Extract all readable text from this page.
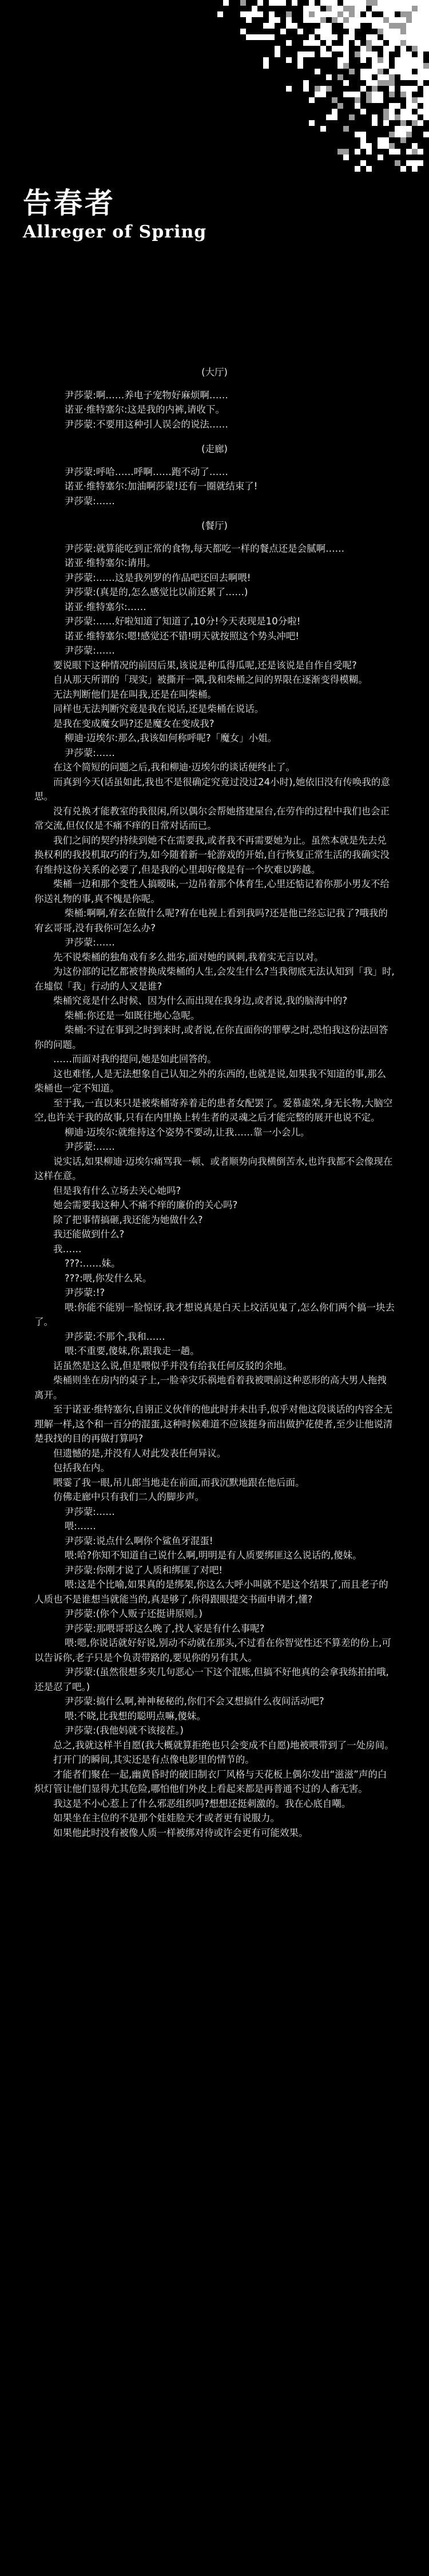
告春者
Allreger of Spring
(大厅)

尹莎蒙:啊……养电子宠物好麻烦啊……

诺亚·维特塞尔:这是我的内裤,请收下。

尹莎蒙:不要用这种引人误会的说法……

(走廊)

尹莎蒙:呼哈……呼啊……跑不动了……

诺亚·维特塞尔:加油啊莎蒙!还有一圈就结束了!

尹莎蒙:……

(餐厅)

尹莎蒙:就算能吃到正常的食物,每天都吃一样的餐点还是会腻啊……

诺亚·维特塞尔:请用。

尹莎蒙:……这是我列罗的作品吧还回去啊喂!

尹莎蒙:(真是的,怎么感觉比以前还累了……)

诺亚·维特塞尔:……

尹莎蒙:……好啦知道了知道了,10分!今天表现是10分啦!

诺亚·维特塞尔:嗯!感觉还不错!明天就按照这个势头冲吧!

尹莎蒙:……

要说眼下这种情况的前因后果,该说是种瓜得瓜呢,还是该说是自作自受呢?

自从那天所谓的「现实」被撕开一隅,我和柴桶之间的界限在逐渐变得模糊。

无法判断他们是在叫我,还是在叫柴桶。

同样也无法判断究竟是我在说话,还是柴桶在说话。

是我在变成魔女吗?还是魔女在变成我?

柳迪·迈埃尔:那么,我该如何称呼呢?「魔女」小姐。

尹莎蒙:……

在这个简短的问题之后,我和柳迪·迈埃尔的谈话便终止了。

而真到今天(话虽如此,我也不是很确定究竟过没过24小时),她依旧没有传唤我的意思。

没有兑换才能教室的我很闲,所以偶尔会帮她搭建屋台,在劳作的过程中我们也会正常交流,但仅仅是不痛不痒的日常对话而已。

我们之间的契约持续到她不在需要我,或者我不再需要她为止。虽然本就是先去兑换权利的我投机取巧的行为,如今随着新一轮游戏的开始,自行恢复正常生活的我确实没有维持这份关系的必要了,但是我的心里却好像是有一个坎难以跨越。

柴桶一边和那个变性人搞暧昧,一边吊着那个体育生,心里还惦记着你那小男友不给你送礼物的事,真不愧是你呢。

柴桶:啊啊,宥玄在做什么呢?宥在电视上看到我吗?还是他已经忘记我了?哦我的宥玄哥哥,没有我你可怎么办?

尹莎蒙:……

先不说柴桶的独角戏有多么拙劣,面对她的讽刺,我着实无言以对。

为这份部的记忆都被替换成柴桶的人生,会发生什么?当我彻底无法认知到「我」时,在墟似「我」行动的人又是谁?

柴桶究竟是什么时候、因为什么而出现在我身边,或者说,我的脑海中的?

柴桶:你还是一如既往地心急呢。

柴桶:不过在事到之时到来时,或者说,在你直面你的罪孽之时,恐怕我这份法回答你的问题。

……而面对我的提问,她是如此回答的。

这也难怪,人是无法想象自己认知之外的东西的,也就是说,如果我不知道的事,那么柴桶也一定不知道。

至于我,一直以来只是被柴桶寄养着走的患者女配罢了。爱慕虚荣,身无长物,大脑空空,也许关于我的故事,只有在内里换上转生者的灵魂之后才能完整的展开也说不定。

柳迪·迈埃尔:就维持这个姿势不要动,让我……靠一小会儿。

尹莎蒙:……

说实话,如果柳迪·迈埃尔痛骂我一顿、或者顺势向我横倒苦水,也许我都不会像现在这样在意。

但是我有什么立场去关心她吗?

她会需要我这种人不痛不痒的廉价的关心吗?

除了把事情搞砸,我还能为她做什么?

我还能做到什么?

我……

???:……妹。

???:喂,你发什么呆。

尹莎蒙:!?

喂:你能不能别一脸惊讶,我才想说真是白天上坟活见鬼了,怎么你们两个搞一块去了。

尹莎蒙:不那个,我和……

喂:不重要,傻妹,你,跟我走一趟。

话虽然是这么说,但是喂似乎并没有给我任何反驳的余地。

柴桶则坐在房内的桌子上,一脸幸灾乐祸地看着我被喂前这种恶形的高大男人拖拽离开。

至于诺亚·维特塞尔,自诩正义伙伴的他此时并未出手,似乎对他这段谈话的内容全无理解一样,这个和一百分的混蛋,这种时候难道不应该挺身而出做护花使者,至少让他说清楚我找的目的再做打算吗?

但遗憾的是,并没有人对此发表任何异议。

包括我在内。

喂霎了我一眼,吊儿郎当地走在前面,而我沉默地跟在他后面。

仿佛走廊中只有我们二人的脚步声。

尹莎蒙:……

喂:……

尹莎蒙:说点什么啊你个鲨鱼牙混蛋!

喂:哈?你知不知道自己说什么啊,明明是有人质要绑匪这么说话的,傻妹。

尹莎蒙:你刚才说了人质和绑匪了对吧!

喂:这是个比喻,如果真的是绑架,你这么大呼小叫就不是这个结果了,而且老子的人质也不是谁想当就能当的,真是够了,你得跟眼提交书面申请才,懂?

尹莎蒙:(你个人贩子还挺讲原则。)

尹莎蒙:那喂哥哥这么晚了,找人家是有什么事呢?

喂:嗯,你说话就好好说,别动不动就在那头,不过看在你智觉性还不算差的份上,可以告诉你,老子只是个负责带路的,要见你的另有其人。

尹莎蒙:(虽然很想多夹几句恶心一下这个混账,但搞不好他真的会拿我练拍拍哦,还是忍了吧。)

尹莎蒙:搞什么啊,神神秘秘的,你们不会又想搞什么夜间活动吧?

喂:不晓,比我想的聪明点嘛,傻妹。

尹莎蒙:(我他妈就不该接茬。)

总之,我就这样半自愿(我大概就算拒绝也只会变成不自愿)地被喂带到了一处房间。

打开门的瞬间,其实还是有点像电影里的情节的。

才能者们聚在一起,幽黄昏时的破旧制衣厂风格与天花板上偶尔发出“滋滋”声的白炽灯管让他们显得尤其危险,哪怕他们外皮上看起来都是再普通不过的人畜无害。

我这是不小心惹上了什么邪恶组织吗?想想还挺刺激的。我在心底自嘲。

如果坐在主位的不是那个娃娃脸天才或者更有说服力。

如果他此时没有被像人质一样被绑对待或许会更有可能效果。
